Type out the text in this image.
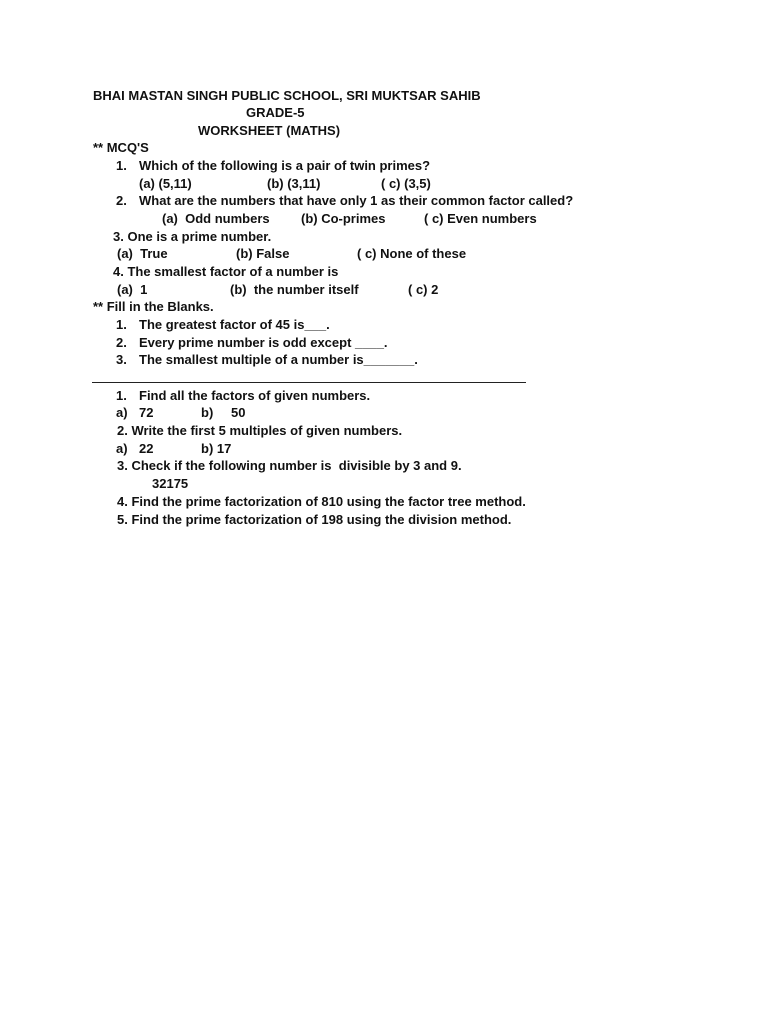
BHAI MASTAN SINGH PUBLIC SCHOOL, SRI MUKTSAR SAHIB
GRADE-5
WORKSHEET (MATHS)
** MCQ'S
1. Which of the following is a pair of twin primes?
(a) (5,11)	(b) (3,11)	( c) (3,5)
2. What are the numbers that have only 1 as their common factor called?
(a)  Odd numbers (b) Co-primes	( c) Even numbers
3. One is a prime number.
(a)  True	(b) False	( c) None of these
4. The smallest factor of a number is
(a)  1	(b)  the number itself	( c) 2
** Fill in the Blanks.
1. The greatest factor of 45 is___.
2. Every prime number is odd except ____.
3. The smallest multiple of a number is_______.
1. Find all the factors of given numbers.
a) 72	b) 50
2. Write the first 5 multiples of given numbers.
a) 22	b) 17
3. Check if the following number is  divisible by 3 and 9.
32175
4. Find the prime factorization of 810 using the factor tree method.
5. Find the prime factorization of 198 using the division method.
